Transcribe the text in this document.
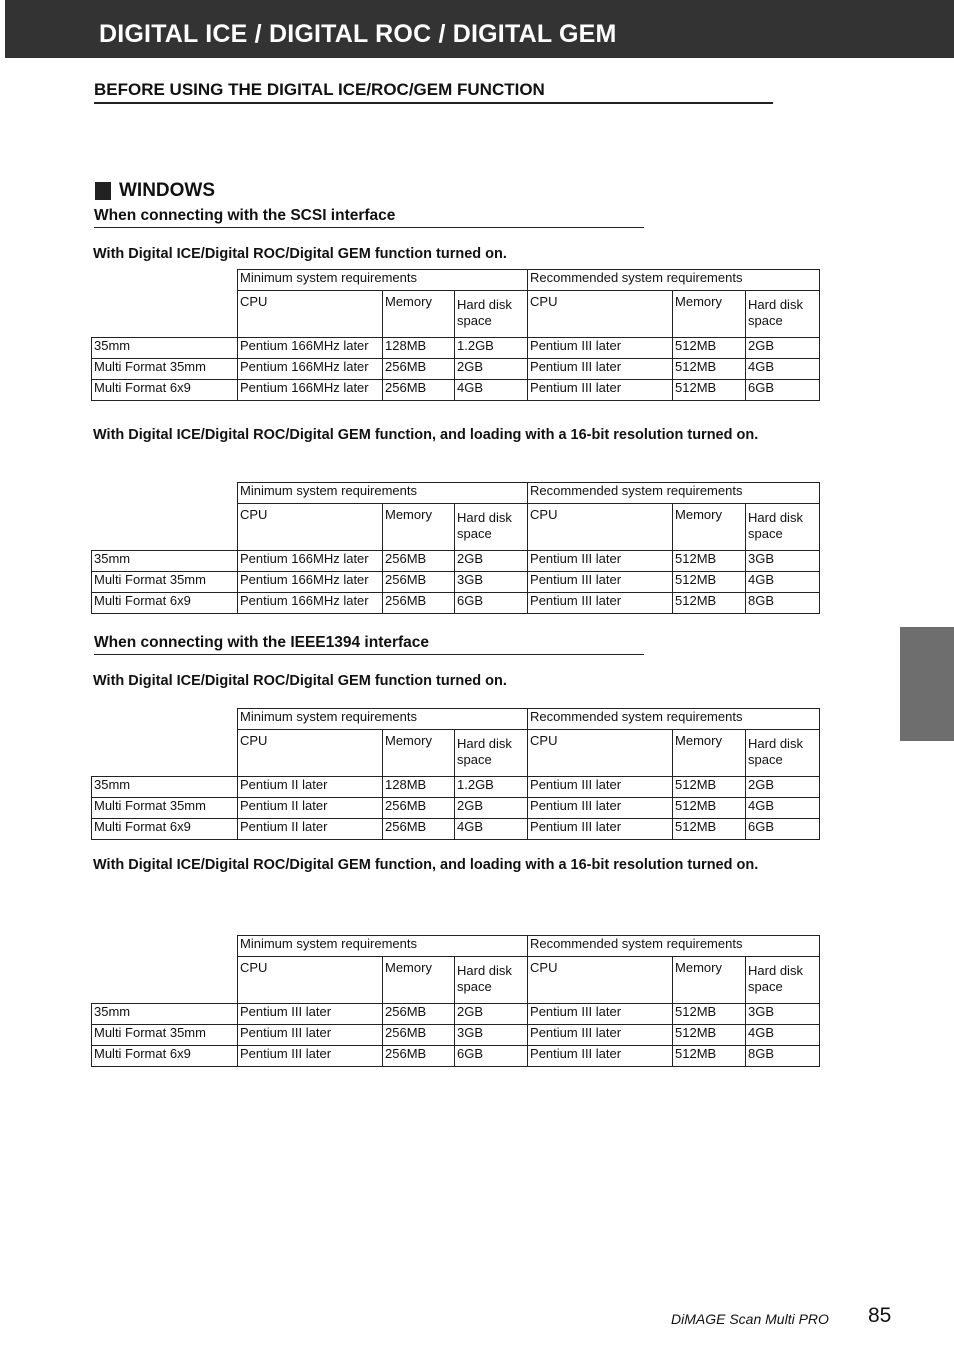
DIGITAL ICE / DIGITAL ROC / DIGITAL GEM
BEFORE USING THE DIGITAL ICE/ROC/GEM FUNCTION
WINDOWS
When connecting with the SCSI interface

With Digital ICE/Digital ROC/Digital GEM function turned on.

	Minimum system requirements			Recommended system requirements		
	CPU	Memory	Hard disk space	CPU	Memory	Hard disk space
35mm	Pentium 166MHz later	128MB	1.2GB	Pentium III later	512MB	2GB
Multi Format 35mm	Pentium 166MHz later	256MB	2GB	Pentium III later	512MB	4GB
Multi Format 6x9	Pentium 166MHz later	256MB	4GB	Pentium III later	512MB	6GB

With Digital ICE/Digital ROC/Digital GEM function, and loading with a 16-bit resolution turned on.

	Minimum system requirements			Recommended system requirements		
	CPU	Memory	Hard disk space	CPU	Memory	Hard disk space
35mm	Pentium 166MHz later	256MB	2GB	Pentium III later	512MB	3GB
Multi Format 35mm	Pentium 166MHz later	256MB	3GB	Pentium III later	512MB	4GB
Multi Format 6x9	Pentium 166MHz later	256MB	6GB	Pentium III later	512MB	8GB
When connecting with the IEEE1394 interface

With Digital ICE/Digital ROC/Digital GEM function turned on.

	Minimum system requirements			Recommended system requirements		
	CPU	Memory	Hard disk space	CPU	Memory	Hard disk space
35mm	Pentium II later	128MB	1.2GB	Pentium III later	512MB	2GB
Multi Format 35mm	Pentium II later	256MB	2GB	Pentium III later	512MB	4GB
Multi Format 6x9	Pentium II later	256MB	4GB	Pentium III later	512MB	6GB

With Digital ICE/Digital ROC/Digital GEM function, and loading with a 16-bit resolution turned on.

	Minimum system requirements			Recommended system requirements		
	CPU	Memory	Hard disk space	CPU	Memory	Hard disk space
35mm	Pentium III later	256MB	2GB	Pentium III later	512MB	3GB
Multi Format 35mm	Pentium III later	256MB	3GB	Pentium III later	512MB	4GB
Multi Format 6x9	Pentium III later	256MB	6GB	Pentium III later	512MB	8GB

DiMAGE Scan Multi PRO 85
